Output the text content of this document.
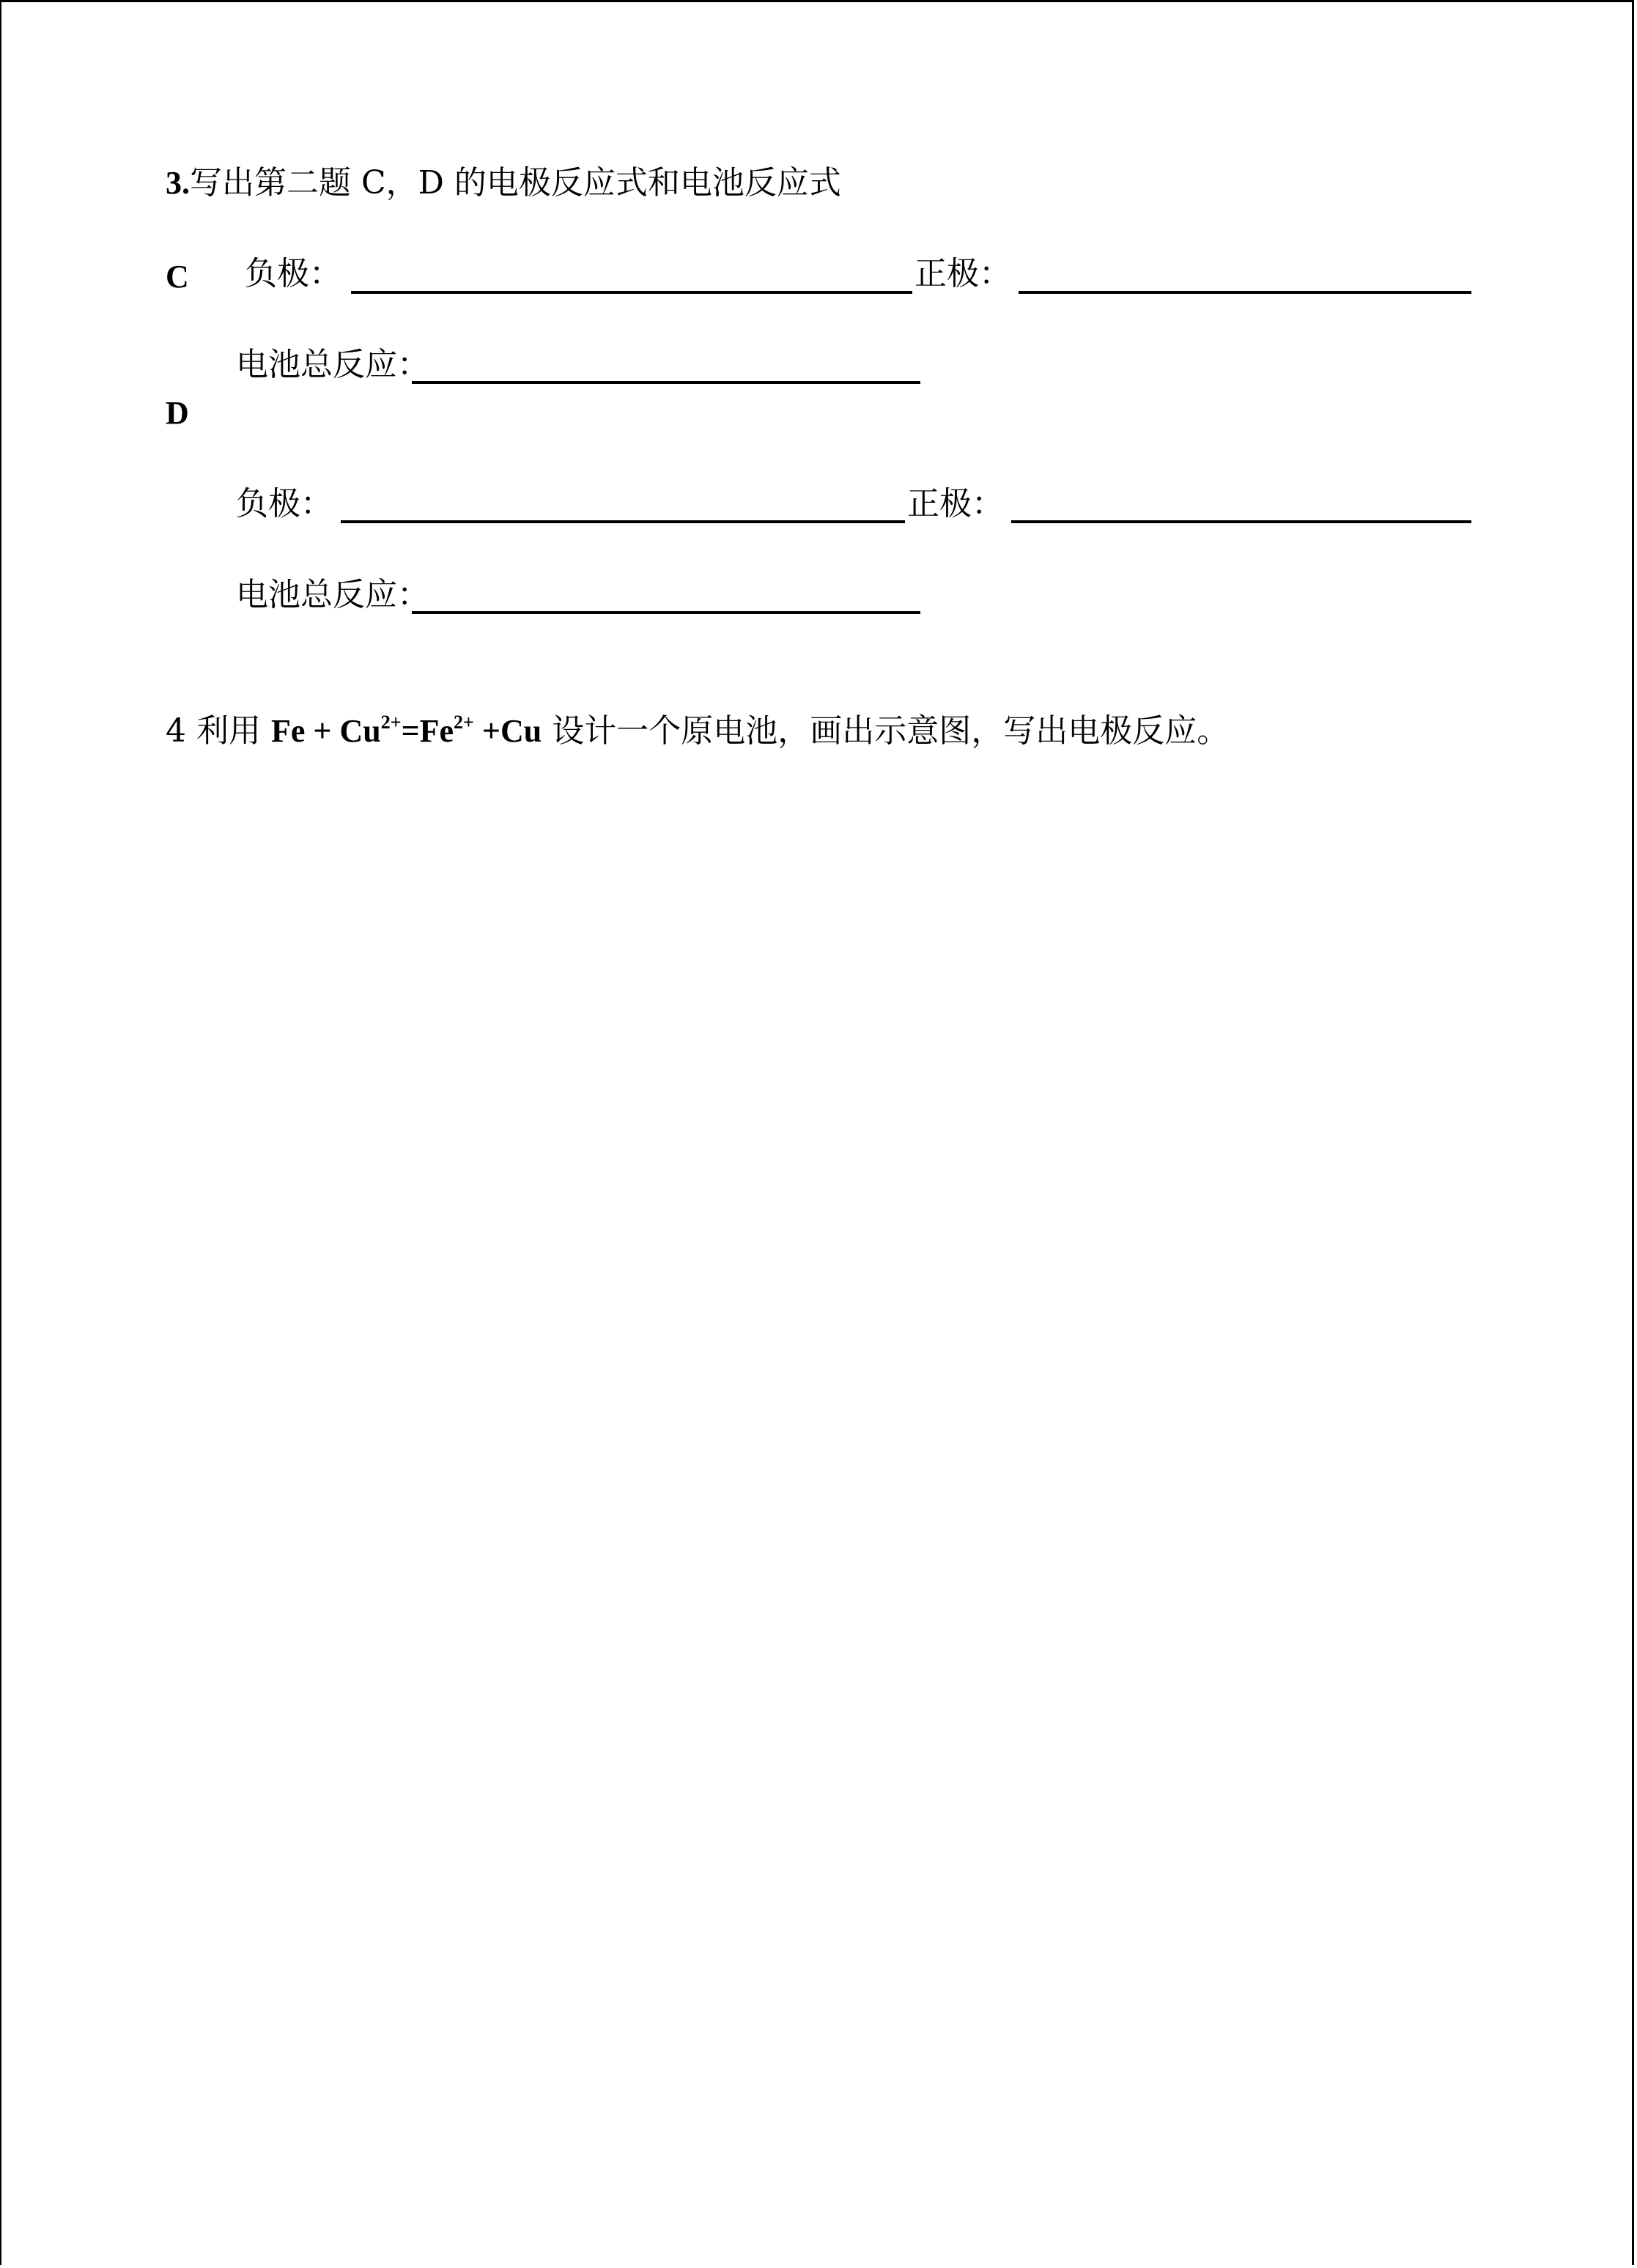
3.写出第二题 C，D 的电极反应式和电池反应式
C 负极：	正极：
电池总反应：
D
负极：	正极：
电池总反应：
4 利用 $Fe + Cu^{2+}=Fe^{2+} +Cu$ 设计一个原电池，画出示意图，写出电极反应。
